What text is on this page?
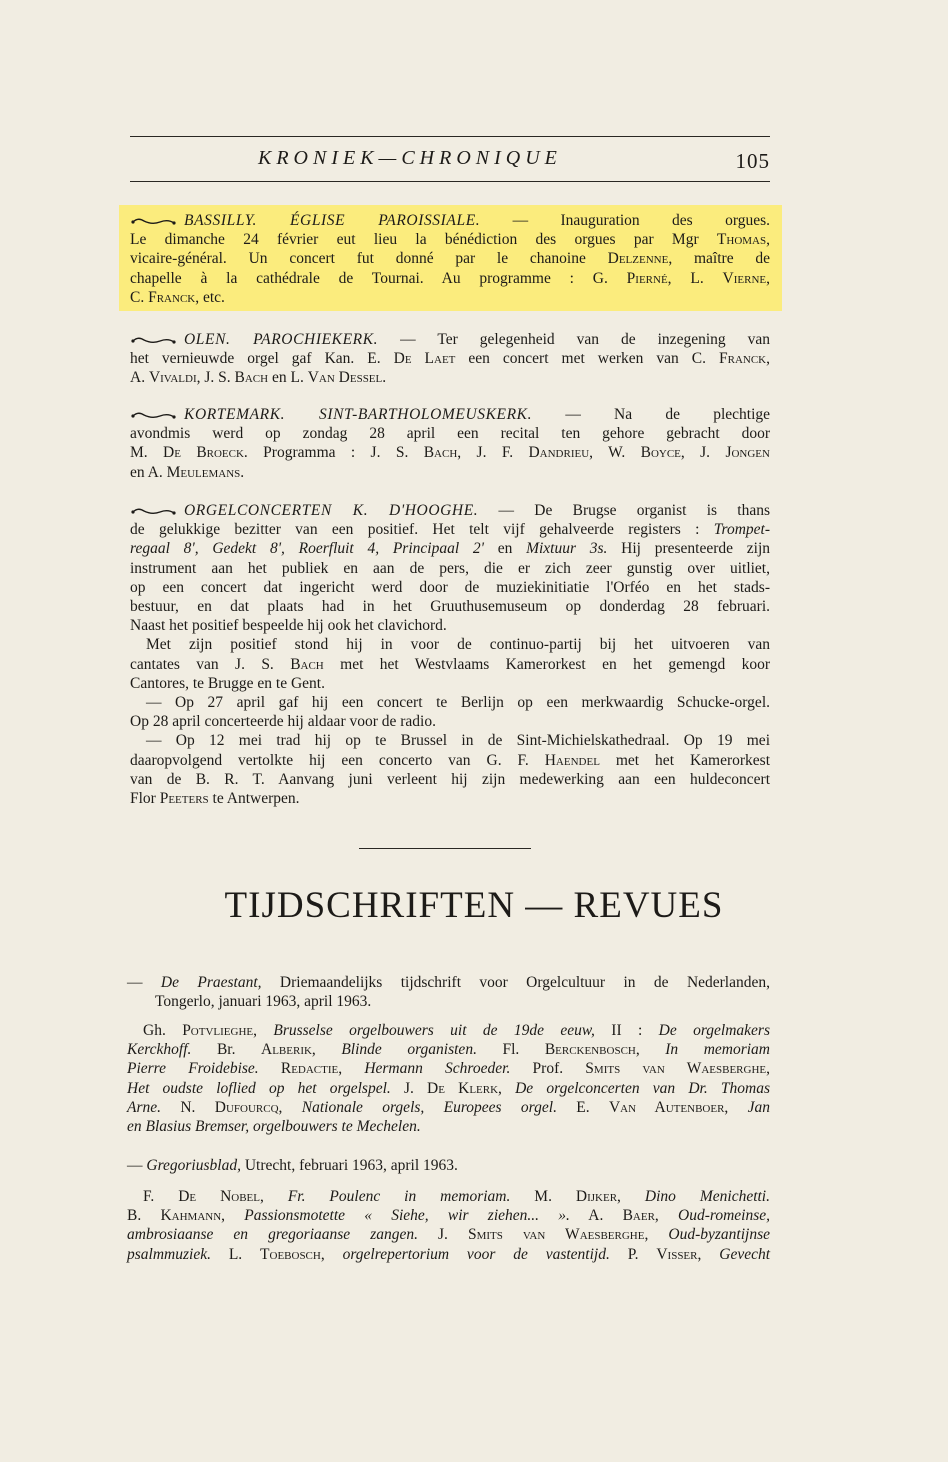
KRONIEK—CHRONIQUE	105
BASSILLY. ÉGLISE PAROISSIALE. — Inauguration des orgues.
Le dimanche 24 février eut lieu la bénédiction des orgues par Mgr Thomas,
vicaire-général. Un concert fut donné par le chanoine Delzenne, maître de
chapelle à la cathédrale de Tournai. Au programme : G. Pierné, L. Vierne,
C. Franck, etc.
OLEN. PAROCHIEKERK. — Ter gelegenheid van de inzegening van
het vernieuwde orgel gaf Kan. E. De Laet een concert met werken van C. Franck,
A. Vivaldi, J. S. Bach en L. Van Dessel.
KORTEMARK. SINT-BARTHOLOMEUSKERK. — Na de plechtige
avondmis werd op zondag 28 april een recital ten gehore gebracht door
M. De Broeck. Programma : J. S. Bach, J. F. Dandrieu, W. Boyce, J. Jongen
en A. Meulemans.
ORGELCONCERTEN K. D'HOOGHE. — De Brugse organist is thans
de gelukkige bezitter van een positief. Het telt vijf gehalveerde registers : Trompet-
regaal 8', Gedekt 8', Roerfluit 4, Principaal 2' en Mixtuur 3s. Hij presenteerde zijn
instrument aan het publiek en aan de pers, die er zich zeer gunstig over uitliet,
op een concert dat ingericht werd door de muziekinitiatie l'Orféo en het stads-
bestuur, en dat plaats had in het Gruuthusemuseum op donderdag 28 februari.
Naast het positief bespeelde hij ook het clavichord.
Met zijn positief stond hij in voor de continuo-partij bij het uitvoeren van
cantates van J. S. Bach met het Westvlaams Kamerorkest en het gemengd koor
Cantores, te Brugge en te Gent.
— Op 27 april gaf hij een concert te Berlijn op een merkwaardig Schucke-orgel.
Op 28 april concerteerde hij aldaar voor de radio.
— Op 12 mei trad hij op te Brussel in de Sint-Michielskathedraal. Op 19 mei
daaropvolgend vertolkte hij een concerto van G. F. Haendel met het Kamerorkest
van de B. R. T. Aanvang juni verleent hij zijn medewerking aan een huldeconcert
Flor Peeters te Antwerpen.
TIJDSCHRIFTEN — REVUES
— De Praestant, Driemaandelijks tijdschrift voor Orgelcultuur in de Nederlanden,
Tongerlo, januari 1963, april 1963.
Gh. Potvlieghe, Brusselse orgelbouwers uit de 19de eeuw, II : De orgelmakers
Kerckhoff. Br. Alberik, Blinde organisten. Fl. Berckenbosch, In memoriam
Pierre Froidebise. Redactie, Hermann Schroeder. Prof. Smits van Waesberghe,
Het oudste loflied op het orgelspel. J. De Klerk, De orgelconcerten van Dr. Thomas
Arne. N. Dufourcq, Nationale orgels, Europees orgel. E. Van Autenboer, Jan
en Blasius Bremser, orgelbouwers te Mechelen.
— Gregoriusblad, Utrecht, februari 1963, april 1963.
F. De Nobel, Fr. Poulenc in memoriam. M. Dijker, Dino Menichetti.
B. Kahmann, Passionsmotette « Siehe, wir ziehen... ». A. Baer, Oud-romeinse,
ambrosiaanse en gregoriaanse zangen. J. Smits van Waesberghe, Oud-byzantijnse
psalmmuziek. L. Toebosch, orgelrepertorium voor de vastentijd. P. Visser, Gevecht
